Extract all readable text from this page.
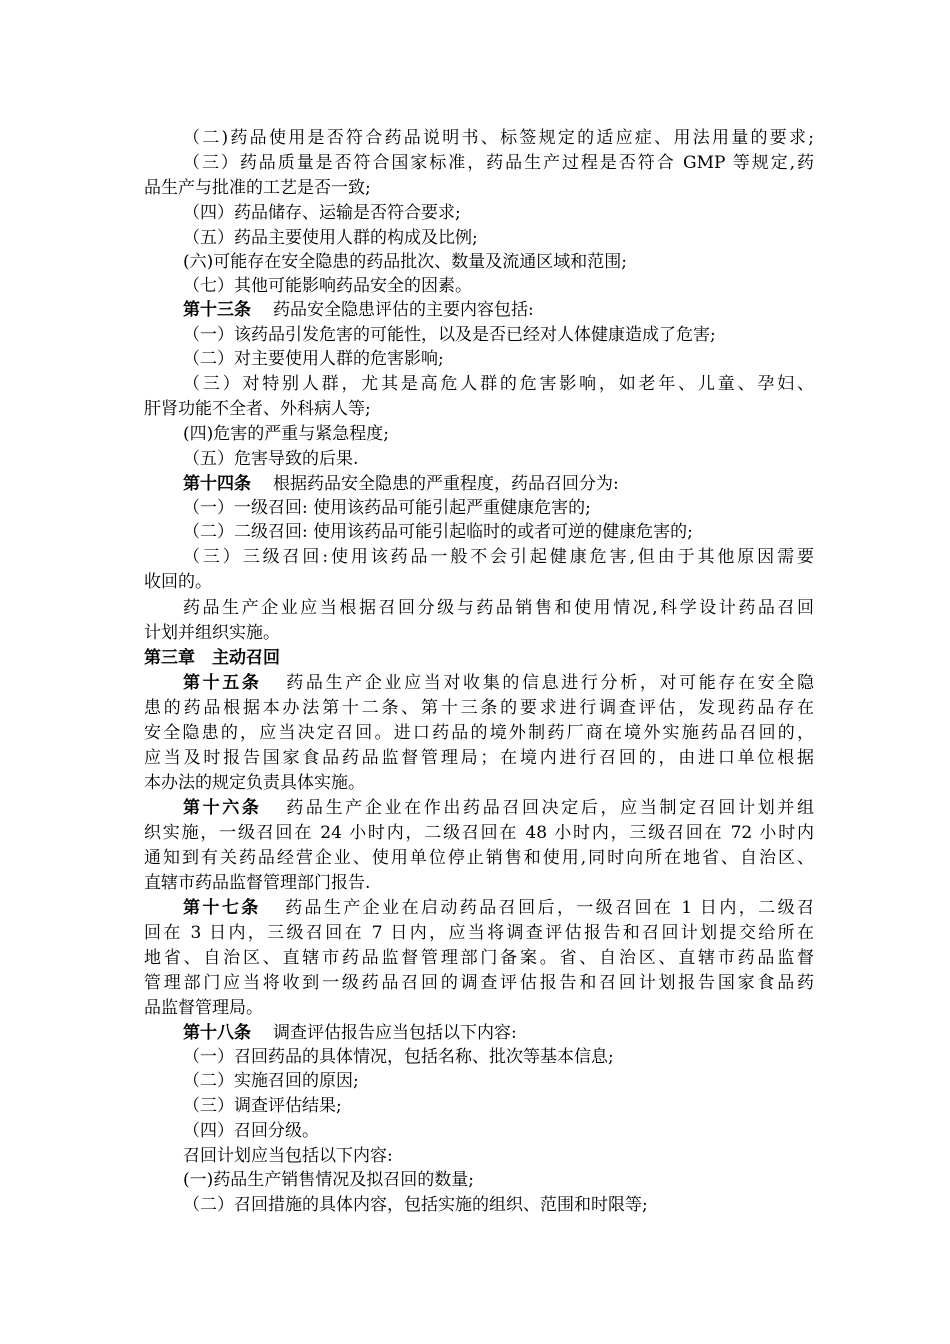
（二)药品使用是否符合药品说明书、标签规定的适应症、用法用量的要求;
（三）药品质量是否符合国家标准，药品生产过程是否符合 GMP 等规定,药
品生产与批准的工艺是否一致;
（四）药品储存、运输是否符合要求;
（五）药品主要使用人群的构成及比例;
(六)可能存在安全隐患的药品批次、数量及流通区域和范围;
（七）其他可能影响药品安全的因素。
第十三条 药品安全隐患评估的主要内容包括:
（一）该药品引发危害的可能性，以及是否已经对人体健康造成了危害;
（二）对主要使用人群的危害影响;
（三）对特别人群，尤其是高危人群的危害影响，如老年、儿童、孕妇、
肝肾功能不全者、外科病人等;
(四)危害的严重与紧急程度;
（五）危害导致的后果.
第十四条 根据药品安全隐患的严重程度，药品召回分为:
（一）一级召回: 使用该药品可能引起严重健康危害的;
（二）二级召回: 使用该药品可能引起临时的或者可逆的健康危害的;
（三）三级召回:使用该药品一般不会引起健康危害,但由于其他原因需要
收回的。
药品生产企业应当根据召回分级与药品销售和使用情况,科学设计药品召回
计划并组织实施。
第三章　主动召回
第十五条 药品生产企业应当对收集的信息进行分析，对可能存在安全隐
患的药品根据本办法第十二条、第十三条的要求进行调查评估，发现药品存在
安全隐患的，应当决定召回。进口药品的境外制药厂商在境外实施药品召回的，
应当及时报告国家食品药品监督管理局；在境内进行召回的，由进口单位根据
本办法的规定负责具体实施。
第十六条 药品生产企业在作出药品召回决定后，应当制定召回计划并组
织实施，一级召回在 24 小时内，二级召回在 48 小时内，三级召回在 72 小时内
通知到有关药品经营企业、使用单位停止销售和使用,同时向所在地省、自治区、
直辖市药品监督管理部门报告.
第十七条 药品生产企业在启动药品召回后，一级召回在 1 日内，二级召
回在 3 日内，三级召回在 7 日内，应当将调查评估报告和召回计划提交给所在
地省、自治区、直辖市药品监督管理部门备案。省、自治区、直辖市药品监督
管理部门应当将收到一级药品召回的调查评估报告和召回计划报告国家食品药
品监督管理局。
第十八条 调查评估报告应当包括以下内容:
（一）召回药品的具体情况，包括名称、批次等基本信息;
（二）实施召回的原因;
（三）调查评估结果;
（四）召回分级。
召回计划应当包括以下内容:
(一)药品生产销售情况及拟召回的数量;
（二）召回措施的具体内容，包括实施的组织、范围和时限等;
